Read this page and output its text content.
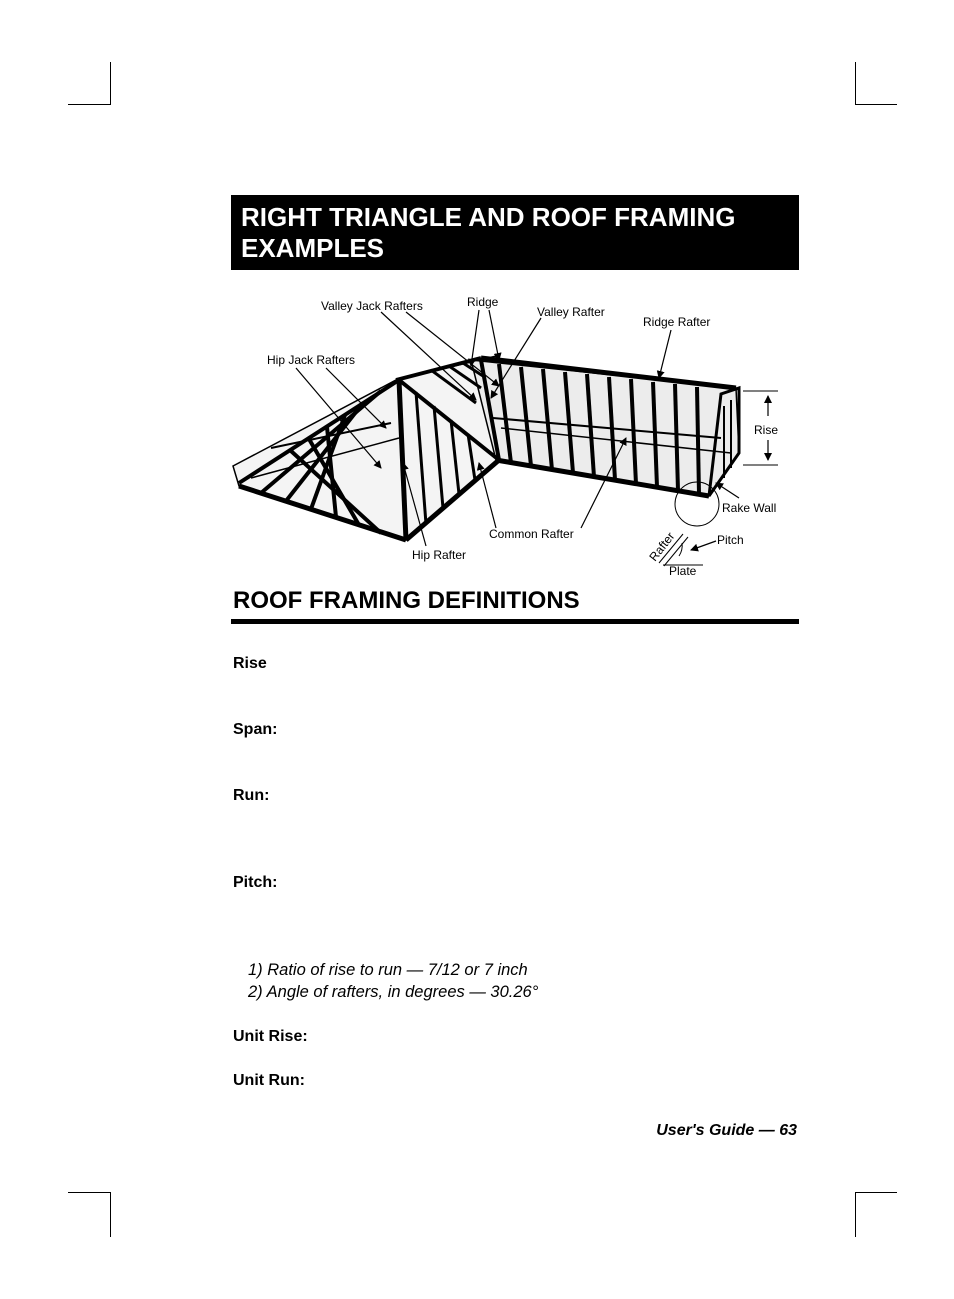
RIGHT TRIANGLE AND ROOF FRAMING
EXAMPLES
Valley Jack Rafters	Ridge
Valley Rafter
Ridge Rafter
Hip Jack Rafters
Rise
Rake Wall
Common Rafter	Pitch
Hip Rafter	Rafter
Plate
ROOF FRAMING DEFINITIONS
Rise
Span:
Run:
Pitch:
1) Ratio of rise to run — 7/12 or 7 inch
2) Angle of rafters, in degrees — 30.26°
Unit Rise:
Unit Run:
User's Guide — 63
